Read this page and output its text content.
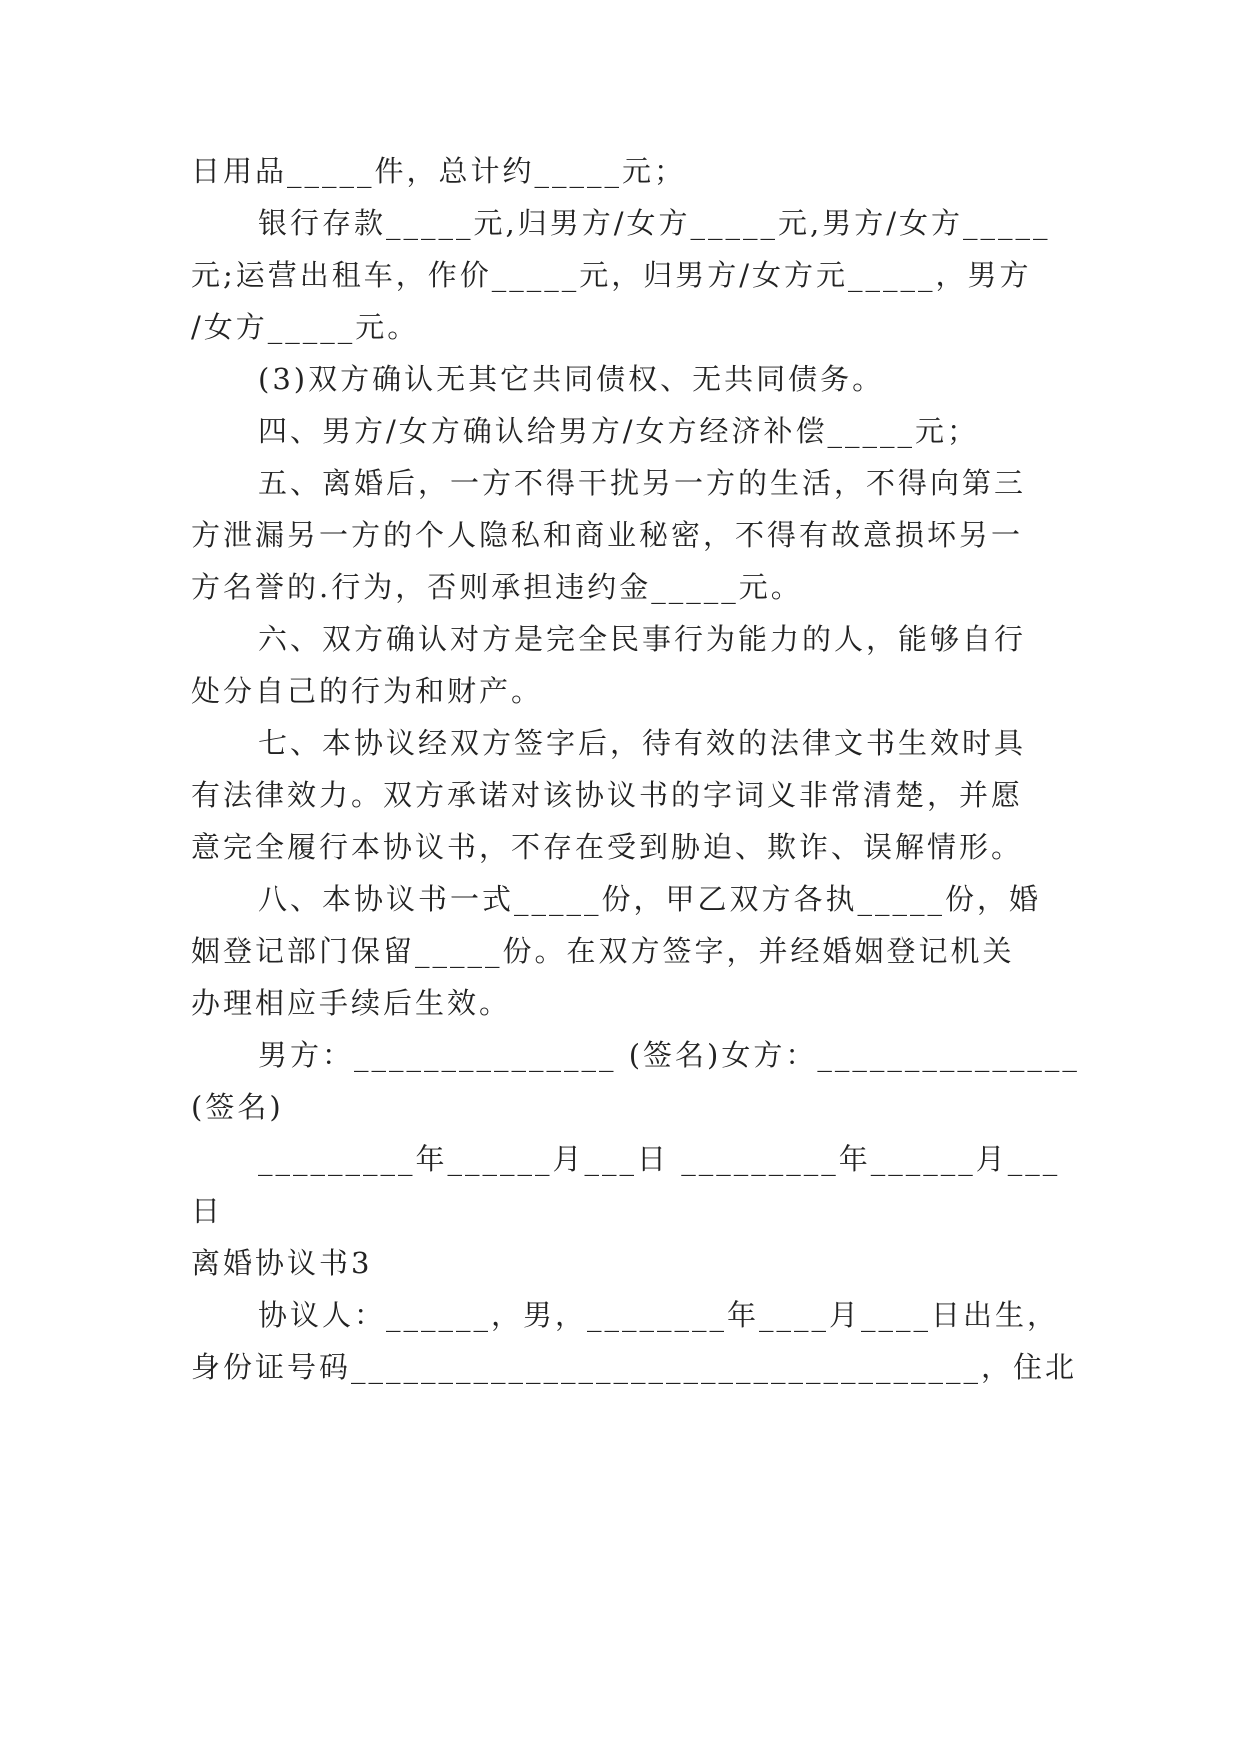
日用品_____件，总计约_____元；
银行存款_____元,归男方/女方_____元,男方/女方_____
元;运营出租车，作价_____元，归男方/女方元_____，男方
/女方_____元。
(3)双方确认无其它共同债权、无共同债务。
四、男方/女方确认给男方/女方经济补偿_____元；
五、离婚后，一方不得干扰另一方的生活，不得向第三
方泄漏另一方的个人隐私和商业秘密，不得有故意损坏另一
方名誉的.行为，否则承担违约金_____元。
六、双方确认对方是完全民事行为能力的人，能够自行
处分自己的行为和财产。
七、本协议经双方签字后，待有效的法律文书生效时具
有法律效力。双方承诺对该协议书的字词义非常清楚，并愿
意完全履行本协议书，不存在受到胁迫、欺诈、误解情形。
八、本协议书一式_____份，甲乙双方各执_____份，婚
姻登记部门保留_____份。在双方签字，并经婚姻登记机关
办理相应手续后生效。
男方：_______________ (签名)女方：_______________
(签名)
_________年______月___日 _________年______月___
日
离婚协议书3
协议人：______，男，________年____月____日出生，
身份证号码____________________________________，住北
